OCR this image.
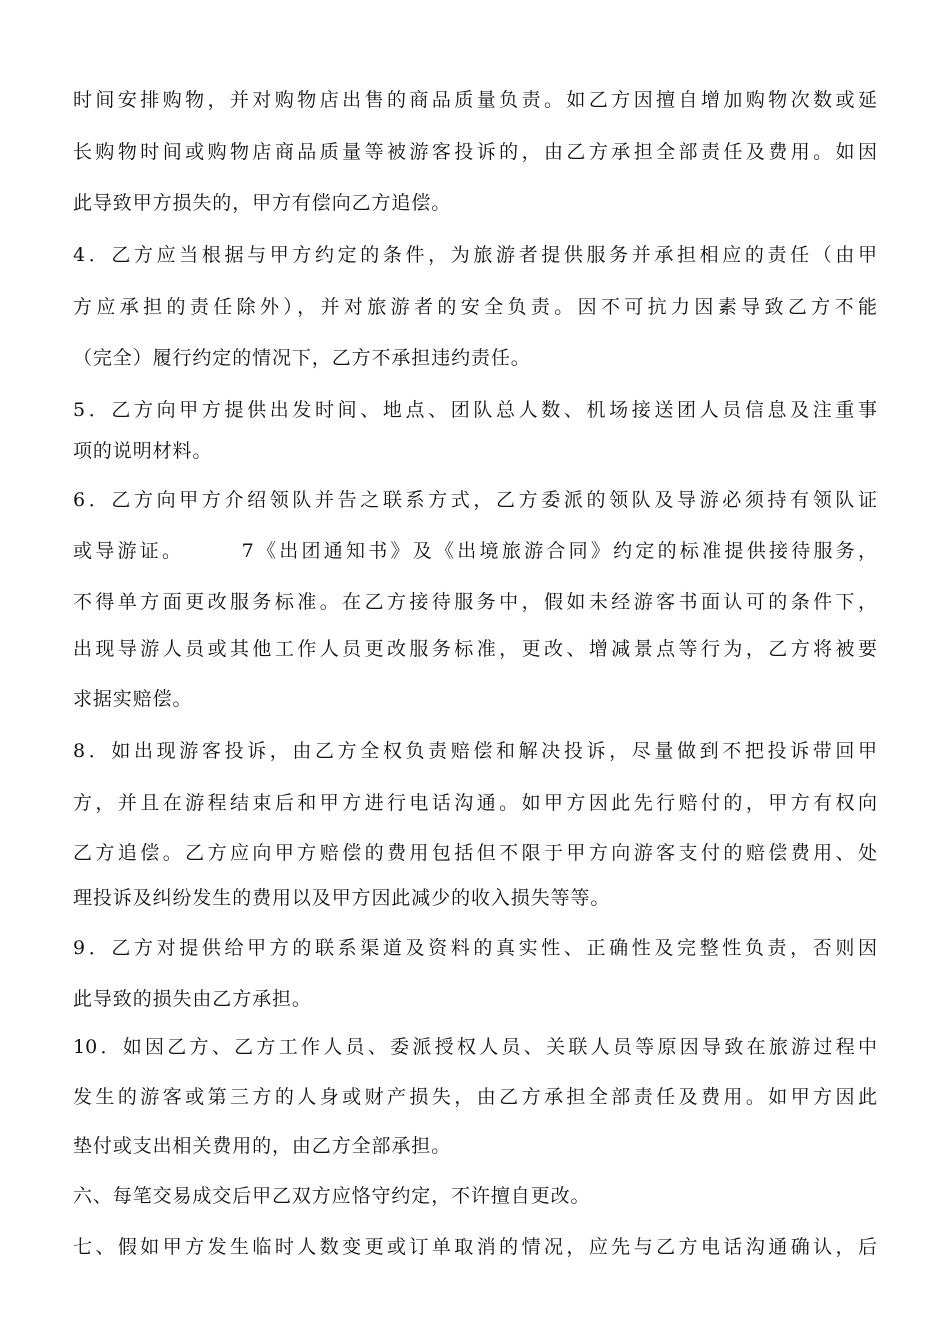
时间安排购物，并对购物店出售的商品质量负责。如乙方因擅自增加购物次数或延

长购物时间或购物店商品质量等被游客投诉的，由乙方承担全部责任及费用。如因

此导致甲方损失的，甲方有偿向乙方追偿。

4．乙方应当根据与甲方约定的条件，为旅游者提供服务并承担相应的责任（由甲

方应承担的责任除外），并对旅游者的安全负责。因不可抗力因素导致乙方不能

（完全）履行约定的情况下，乙方不承担违约责任。

5．乙方向甲方提供出发时间、地点、团队总人数、机场接送团人员信息及注重事

项的说明材料。

6．乙方向甲方介绍领队并告之联系方式，乙方委派的领队及导游必须持有领队证

或导游证。　　　7《出团通知书》及《出境旅游合同》约定的标准提供接待服务，

不得单方面更改服务标准。在乙方接待服务中，假如未经游客书面认可的条件下，

出现导游人员或其他工作人员更改服务标准，更改、增减景点等行为，乙方将被要

求据实赔偿。

8．如出现游客投诉，由乙方全权负责赔偿和解决投诉，尽量做到不把投诉带回甲

方，并且在游程结束后和甲方进行电话沟通。如甲方因此先行赔付的，甲方有权向

乙方追偿。乙方应向甲方赔偿的费用包括但不限于甲方向游客支付的赔偿费用、处

理投诉及纠纷发生的费用以及甲方因此减少的收入损失等等。

9．乙方对提供给甲方的联系渠道及资料的真实性、正确性及完整性负责，否则因

此导致的损失由乙方承担。

10．如因乙方、乙方工作人员、委派授权人员、关联人员等原因导致在旅游过程中

发生的游客或第三方的人身或财产损失，由乙方承担全部责任及费用。如甲方因此

垫付或支出相关费用的，由乙方全部承担。

六、每笔交易成交后甲乙双方应恪守约定，不许擅自更改。

七、假如甲方发生临时人数变更或订单取消的情况，应先与乙方电话沟通确认，后
